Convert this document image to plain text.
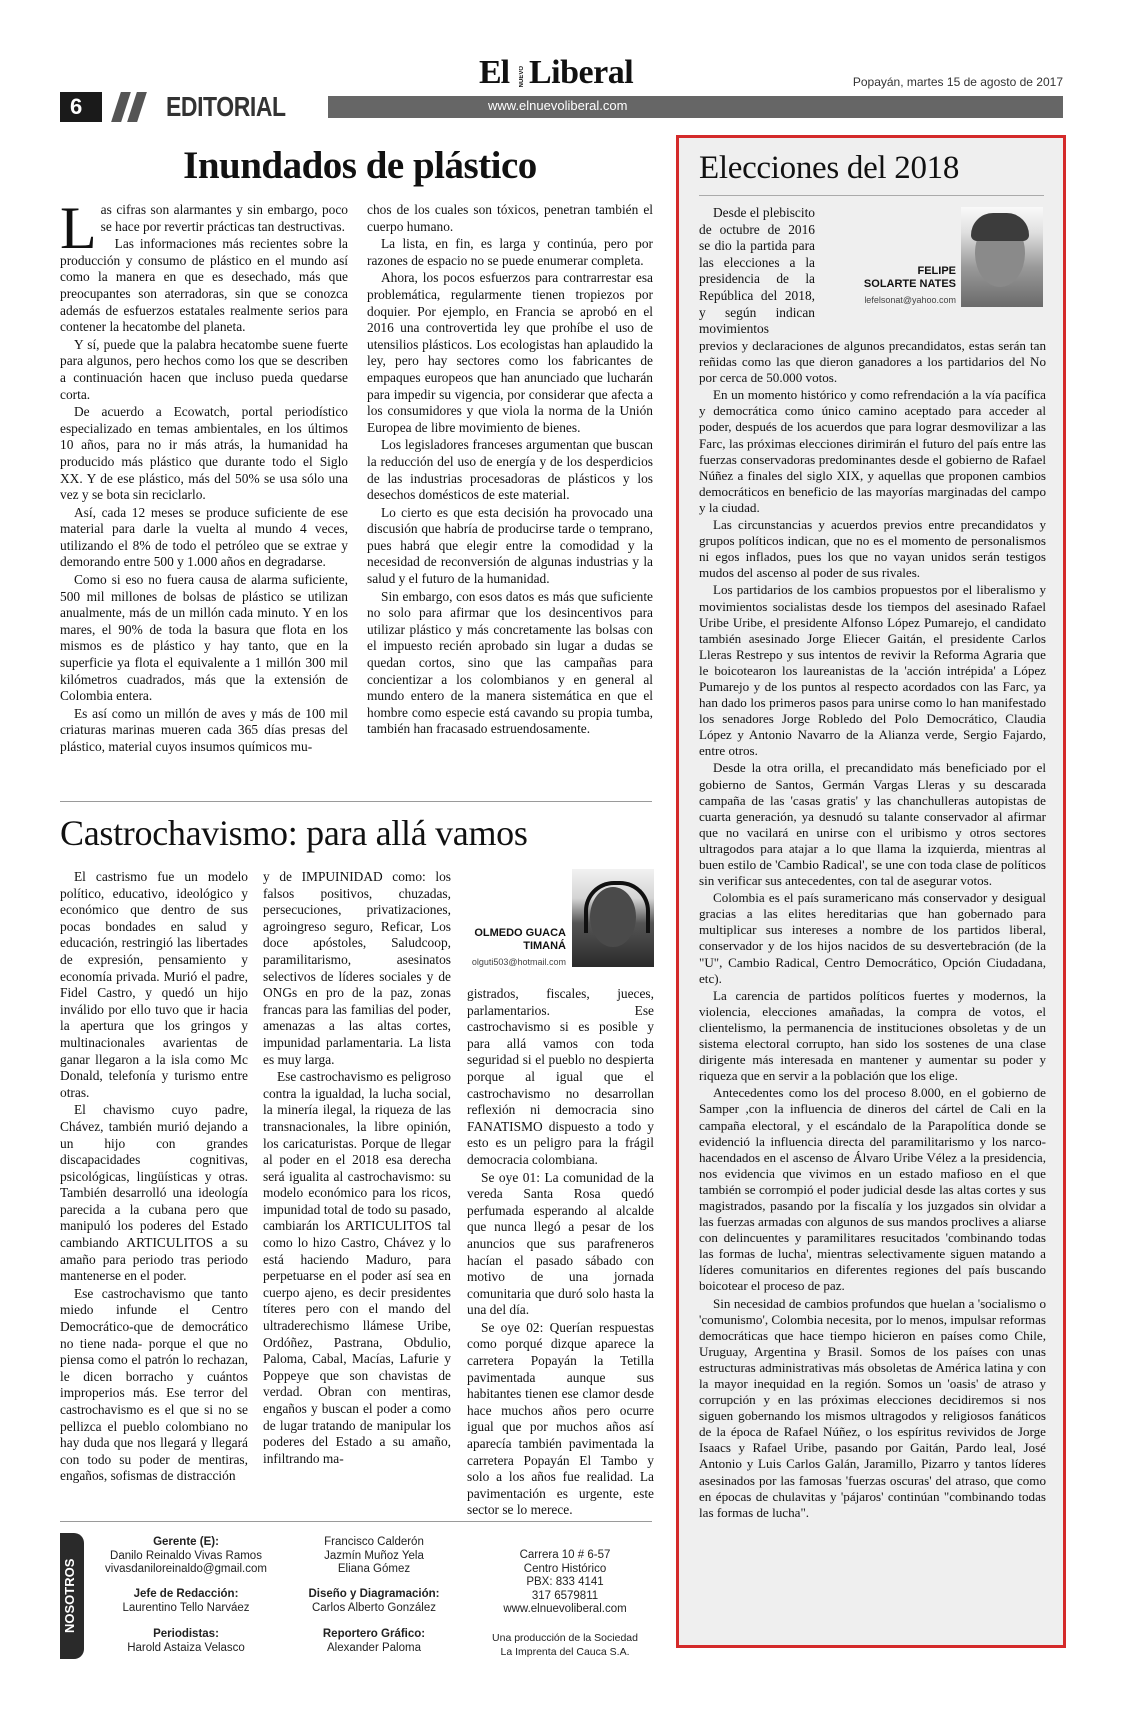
El NUEVO Liberal	Popayán, martes 15 de agosto de 2017
6	EDITORIAL	www.elnuevoliberal.com
Inundados de plástico

Las cifras son alarmantes y sin embargo, poco se hace por revertir prácticas tan destructivas.

Las informaciones más recientes sobre la producción y consumo de plástico en el mundo así como la manera en que es desechado, más que preocupantes son aterradoras, sin que se conozca además de esfuerzos estatales realmente serios para contener la hecatombe del planeta.

Y sí, puede que la palabra hecatombe suene fuerte para algunos, pero hechos como los que se describen a continuación hacen que incluso pueda quedarse corta.

De acuerdo a Ecowatch, portal periodístico especializado en temas ambientales, en los últimos 10 años, para no ir más atrás, la humanidad ha producido más plástico que durante todo el Siglo XX. Y de ese plástico, más del 50% se usa sólo una vez y se bota sin reciclarlo.

Así, cada 12 meses se produce suficiente de ese material para darle la vuelta al mundo 4 veces, utilizando el 8% de todo el petróleo que se extrae y demorando entre 500 y 1.000 años en degradarse.

Como si eso no fuera causa de alarma suficiente, 500 mil millones de bolsas de plástico se utilizan anualmente, más de un millón cada minuto. Y en los mares, el 90% de toda la basura que flota en los mismos es de plástico y hay tanto, que en la superficie ya flota el equivalente a 1 millón 300 mil kilómetros cuadrados, más que la extensión de Colombia entera.

Es así como un millón de aves y más de 100 mil criaturas marinas mueren cada 365 días presas del plástico, material cuyos insumos químicos mu-

chos de los cuales son tóxicos, penetran también el cuerpo humano.

La lista, en fin, es larga y continúa, pero por razones de espacio no se puede enumerar completa.

Ahora, los pocos esfuerzos para contrarrestar esa problemática, regularmente tienen tropiezos por doquier. Por ejemplo, en Francia se aprobó en el 2016 una controvertida ley que prohíbe el uso de utensilios plásticos. Los ecologistas han aplaudido la ley, pero hay sectores como los fabricantes de empaques europeos que han anunciado que lucharán para impedir su vigencia, por considerar que afecta a los consumidores y que viola la norma de la Unión Europea de libre movimiento de bienes.

Los legisladores franceses argumentan que buscan la reducción del uso de energía y de los desperdicios de las industrias procesadoras de plásticos y los desechos domésticos de este material.

Lo cierto es que esta decisión ha provocado una discusión que habría de producirse tarde o temprano, pues habrá que elegir entre la comodidad y la necesidad de reconversión de algunas industrias y la salud y el futuro de la humanidad.

Sin embargo, con esos datos es más que suficiente no solo para afirmar que los desincentivos para utilizar plástico y más concretamente las bolsas con el impuesto recién aprobado sin lugar a dudas se quedan cortos, sino que las campañas para concientizar a los colombianos y en general al mundo entero de la manera sistemática en que el hombre como especie está cavando su propia tumba, también han fracasado estruendosamente.

Castrochavismo: para allá vamos

El castrismo fue un modelo político, educativo, ideológico y económico que dentro de sus pocas bondades en salud y educación, restringió las libertades de expresión, pensamiento y economía privada. Murió el padre, Fidel Castro, y quedó un hijo inválido por ello tuvo que ir hacia la apertura que los gringos y multinacionales avarientas de ganar llegaron a la isla como Mc Donald, telefonía y turismo entre otras.

El chavismo cuyo padre, Chávez, también murió dejando a un hijo con grandes discapacidades cognitivas, psicológicas, lingüísticas y otras. También desarrolló una ideología parecida a la cubana pero que manipuló los poderes del Estado cambiando ARTICULITOS a su amaño para periodo tras periodo mantenerse en el poder.

Ese castrochavismo que tanto miedo infunde el Centro Democrático-que de democrático no tiene nada- porque el que no piensa como el patrón lo rechazan, le dicen borracho y cuántos improperios más. Ese terror del castrochavismo es el que si no se pellizca el pueblo colombiano no hay duda que nos llegará y llegará con todo su poder de mentiras, engaños, sofismas de distracción

y de IMPUINIDAD como: los falsos positivos, chuzadas, persecuciones, privatizaciones, agroingreso seguro, Reficar, Los doce apóstoles, Saludcoop, paramilitarismo, asesinatos selectivos de líderes sociales y de ONGs en pro de la paz, zonas francas para las familias del poder, amenazas a las altas cortes, impunidad parlamentaria. La lista es muy larga.

Ese castrochavismo es peligroso contra la igualdad, la lucha social, la minería ilegal, la riqueza de las transnacionales, la libre opinión, los caricaturistas. Porque de llegar al poder en el 2018 esa derecha será igualita al castrochavismo: su modelo económico para los ricos, impunidad total de todo su pasado, cambiarán los ARTICULITOS tal como lo hizo Castro, Chávez y lo está haciendo Maduro, para perpetuarse en el poder así sea en cuerpo ajeno, es decir presidentes títeres pero con el mando del ultraderechismo llámese Uribe, Ordóñez, Pastrana, Obdulio, Paloma, Cabal, Macías, Lafurie y Poppeye que son chavistas de verdad. Obran con mentiras, engaños y buscan el poder a como de lugar tratando de manipular los poderes del Estado a su amaño, infiltrando ma-

OLMEDO GUACA TIMANÁ
olguti503@hotmail.com

gistrados, fiscales, jueces, parlamentarios. Ese castrochavismo si es posible y para allá vamos con toda seguridad si el pueblo no despierta porque al igual que el castrochavismo no desarrollan reflexión ni democracia sino FANATISMO dispuesto a todo y esto es un peligro para la frágil democracia colombiana.

Se oye 01: La comunidad de la vereda Santa Rosa quedó perfumada esperando al alcalde que nunca llegó a pesar de los anuncios que sus parafreneros hacían el pasado sábado con motivo de una jornada comunitaria que duró solo hasta la una del día.

Se oye 02: Querían respuestas como porqué dizque aparece la carretera Popayán la Tetilla pavimentada aunque sus habitantes tienen ese clamor desde hace muchos años pero ocurre igual que por muchos años así aparecía también pavimentada la carretera Popayán El Tambo y solo a los años fue realidad. La pavimentación es urgente, este sector se lo merece.

NOSOTROS
Gerente (E):
Danilo Reinaldo Vivas Ramos
vivasdaniloreinaldo@gmail.com
Jefe de Redacción:
Laurentino Tello Narváez
Periodistas:
Harold Astaiza Velasco
Francisco Calderón
Jazmín Muñoz Yela
Eliana Gómez
Diseño y Diagramación:
Carlos Alberto González
Reportero Gráfico:
Alexander Paloma
Carrera 10 # 6-57
Centro Histórico
PBX: 833 4141
317 6579811
www.elnuevoliberal.com
Una producción de la Sociedad
La Imprenta del Cauca S.A.
Elecciones del 2018

Desde el plebiscito de octubre de 2016 se dio la partida para las elecciones a la presidencia de la República del 2018, y según indican movimientos

FELIPE SOLARTE NATES
lefelsonat@yahoo.com

previos y declaraciones de algunos precandidatos, estas serán tan reñidas como las que dieron ganadores a los partidarios del No por cerca de 50.000 votos.

En un momento histórico y como refrendación a la vía pacífica y democrática como único camino aceptado para acceder al poder, después de los acuerdos que para lograr desmovilizar a las Farc, las próximas elecciones dirimirán el futuro del país entre las fuerzas conservadoras predominantes desde el gobierno de Rafael Núñez a finales del siglo XIX, y aquellas que proponen cambios democráticos en beneficio de las mayorías marginadas del campo y la ciudad.

Las circunstancias y acuerdos previos entre precandidatos y grupos políticos indican, que no es el momento de personalismos ni egos inflados, pues los que no vayan unidos serán testigos mudos del ascenso al poder de sus rivales.

Los partidarios de los cambios propuestos por el liberalismo y movimientos socialistas desde los tiempos del asesinado Rafael Uribe Uribe, el presidente Alfonso López Pumarejo, el candidato también asesinado Jorge Eliecer Gaitán, el presidente Carlos Lleras Restrepo y sus intentos de revivir la Reforma Agraria que le boicotearon los laureanistas de la 'acción intrépida' a López Pumarejo y de los puntos al respecto acordados con las Farc, ya han dado los primeros pasos para unirse como lo han manifestado los senadores Jorge Robledo del Polo Democrático, Claudia López y Antonio Navarro de la Alianza verde, Sergio Fajardo, entre otros.

Desde la otra orilla, el precandidato más beneficiado por el gobierno de Santos, Germán Vargas Lleras y su descarada campaña de las 'casas gratis' y las chanchulleras autopistas de cuarta generación, ya desnudó su talante conservador al afirmar que no vacilará en unirse con el uribismo y otros sectores ultragodos para atajar a lo que llama la izquierda, mientras al buen estilo de 'Cambio Radical', se une con toda clase de políticos sin verificar sus antecedentes, con tal de asegurar votos.

Colombia es el país suramericano más conservador y desigual gracias a las elites hereditarias que han gobernado para multiplicar sus intereses a nombre de los partidos liberal, conservador y de los hijos nacidos de su desvertebración (de la "U", Cambio Radical, Centro Democrático, Opción Ciudadana, etc).

La carencia de partidos políticos fuertes y modernos, la violencia, elecciones amañadas, la compra de votos, el clientelismo, la permanencia de instituciones obsoletas y de un sistema electoral corrupto, han sido los sostenes de una clase dirigente más interesada en mantener y aumentar su poder y riqueza que en servir a la población que los elige.

Antecedentes como los del proceso 8.000, en el gobierno de Samper ,con la influencia de dineros del cártel de Cali en la campaña electoral, y el escándalo de la Parapolítica donde se evidenció la influencia directa del paramilitarismo y los narco-hacendados en el ascenso de Álvaro Uribe Vélez a la presidencia, nos evidencia que vivimos en un estado mafioso en el que también se corrompió el poder judicial desde las altas cortes y sus magistrados, pasando por la fiscalía y los juzgados sin olvidar a las fuerzas armadas con algunos de sus mandos proclives a aliarse con delincuentes y paramilitares resucitados 'combinando todas las formas de lucha', mientras selectivamente siguen matando a líderes comunitarios en diferentes regiones del país buscando boicotear el proceso de paz.

Sin necesidad de cambios profundos que huelan a 'socialismo o 'comunismo', Colombia necesita, por lo menos, impulsar reformas democráticas que hace tiempo hicieron en países como Chile, Uruguay, Argentina y Brasil. Somos de los países con unas estructuras administrativas más obsoletas de América latina y con la mayor inequidad en la región. Somos un 'oasis' de atraso y corrupción y en las próximas elecciones decidiremos si nos siguen gobernando los mismos ultragodos y religiosos fanáticos de la época de Rafael Núñez, o los espíritus revividos de Jorge Isaacs y Rafael Uribe, pasando por Gaitán, Pardo leal, José Antonio y Luis Carlos Galán, Jaramillo, Pizarro y tantos líderes asesinados por las famosas 'fuerzas oscuras' del atraso, que como en épocas de chulavitas y 'pájaros' continúan "combinando todas las formas de lucha".
